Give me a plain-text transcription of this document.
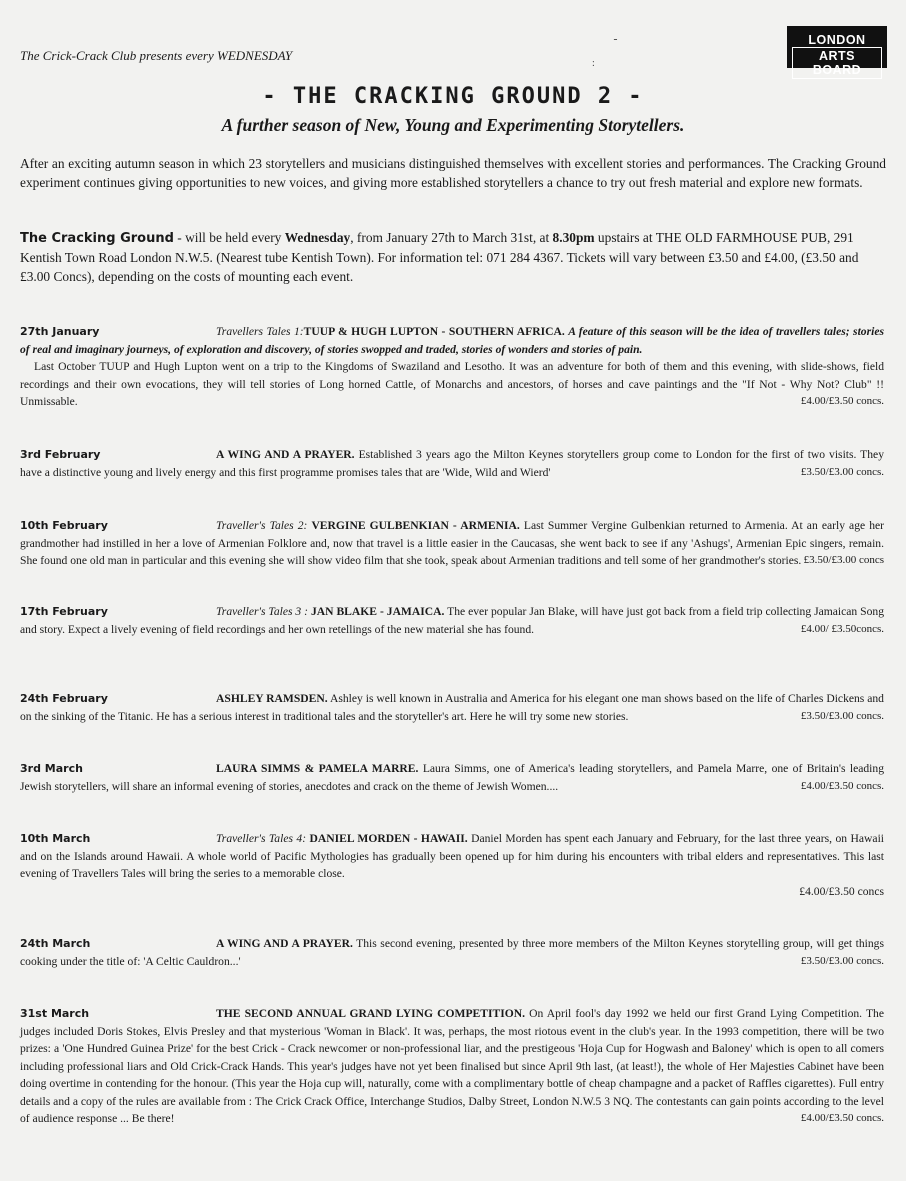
ـ
:
The Crick-Crack Club presents every WEDNESDAY
LONDON
ARTS BOARD
- THE CRACKING GROUND 2 -
A further season of New, Young and Experimenting Storytellers.
After an exciting autumn season in which 23 storytellers and musicians distinguished themselves with excellent stories and performances. The Cracking Ground experiment continues giving opportunities to new voices, and giving more established storytellers a chance to try out fresh material and explore new formats.
The Cracking Ground - will be held every Wednesday, from January 27th to March 31st, at 8.30pm upstairs at THE OLD FARMHOUSE PUB, 291 Kentish Town Road London N.W.5. (Nearest tube Kentish Town). For information tel: 071 284 4367. Tickets will vary between £3.50 and £4.00, (£3.50 and £3.00 Concs), depending on the costs of mounting each event.
27th January	Travellers Tales 1:TUUP & HUGH LUPTON - SOUTHERN AFRICA. A feature of this season will be the idea of travellers tales; stories of real and imaginary journeys, of exploration and discovery, of stories swopped and traded, stories of wonders and stories of pain.

Last October TUUP and Hugh Lupton went on a trip to the Kingdoms of Swaziland and Lesotho. It was an adventure for both of them and this evening, with slide-shows, field recordings and their own evocations, they will tell stories of Long horned Cattle, of Monarchs and ancestors, of horses and cave paintings and the "If Not - Why Not? Club" !! Unmissable.	£4.00/£3.50 concs.

3rd February	A WING AND A PRAYER. Established 3 years ago the Milton Keynes storytellers group come to London for the first of two visits. They have a distinctive young and lively energy and this first programme promises tales that are 'Wide, Wild and Wierd'	£3.50/£3.00 concs.
10th February	Traveller's Tales 2: VERGINE GULBENKIAN - ARMENIA. Last Summer Vergine Gulbenkian returned to Armenia. At an early age her grandmother had instilled in her a love of Armenian Folklore and, now that travel is a little easier in the Caucasas, she went back to see if any 'Ashugs', Armenian Epic singers, remain. She found one old man in particular and this evening she will show video film that she took, speak about Armenian traditions and tell some of her grandmother's stories. £3.50/£3.00 concs
17th February	Traveller's Tales 3 : JAN BLAKE - JAMAICA. The ever popular Jan Blake, will have just got back from a field trip collecting Jamaican Song and story. Expect a lively evening of field recordings and her own retellings of the new material she has found.	£4.00/ £3.50concs.
24th February	ASHLEY RAMSDEN. Ashley is well known in Australia and America for his elegant one man shows based on the life of Charles Dickens and on the sinking of the Titanic. He has a serious interest in traditional tales and the storyteller's art. Here he will try some new stories.	£3.50/£3.00 concs.
3rd March	LAURA SIMMS & PAMELA MARRE. Laura Simms, one of America's leading storytellers, and Pamela Marre, one of Britain's leading Jewish storytellers, will share an informal evening of stories, anecdotes and crack on the theme of Jewish Women....	£4.00/£3.50 concs.
10th March	Traveller's Tales 4: DANIEL MORDEN - HAWAII. Daniel Morden has spent each January and February, for the last three years, on Hawaii and on the Islands around Hawaii. A whole world of Pacific Mythologies has gradually been opened up for him during his encounters with tribal elders and representatives. This last evening of Travellers Tales will bring the series to a memorable close.
£4.00/£3.50 concs
24th March	A WING AND A PRAYER. This second evening, presented by three more members of the Milton Keynes storytelling group, will get things cooking under the title of: 'A Celtic Cauldron...'	£3.50/£3.00 concs.
31st March	THE SECOND ANNUAL GRAND LYING COMPETITION. On April fool's day 1992 we held our first Grand Lying Competition. The judges included Doris Stokes, Elvis Presley and that mysterious 'Woman in Black'. It was, perhaps, the most riotous event in the club's year. In the 1993 competition, there will be two prizes: a 'One Hundred Guinea Prize' for the best Crick - Crack newcomer or non-professional liar, and the prestigeous 'Hoja Cup for Hogwash and Baloney' which is open to all comers including professional liars and Old Crick-Crack Hands. This year's judges have not yet been finalised but since April 9th last, (at least!), the whole of Her Majesties Cabinet have been doing overtime in contending for the honour. (This year the Hoja cup will, naturally, come with a complimentary bottle of cheap champagne and a packet of Raffles cigarettes). Full entry details and a copy of the rules are available from : The Crick Crack Office, Interchange Studios, Dalby Street, London N.W.5 3 NQ. The contestants can gain points according to the level of audience response ... Be there!	£4.00/£3.50 concs.
